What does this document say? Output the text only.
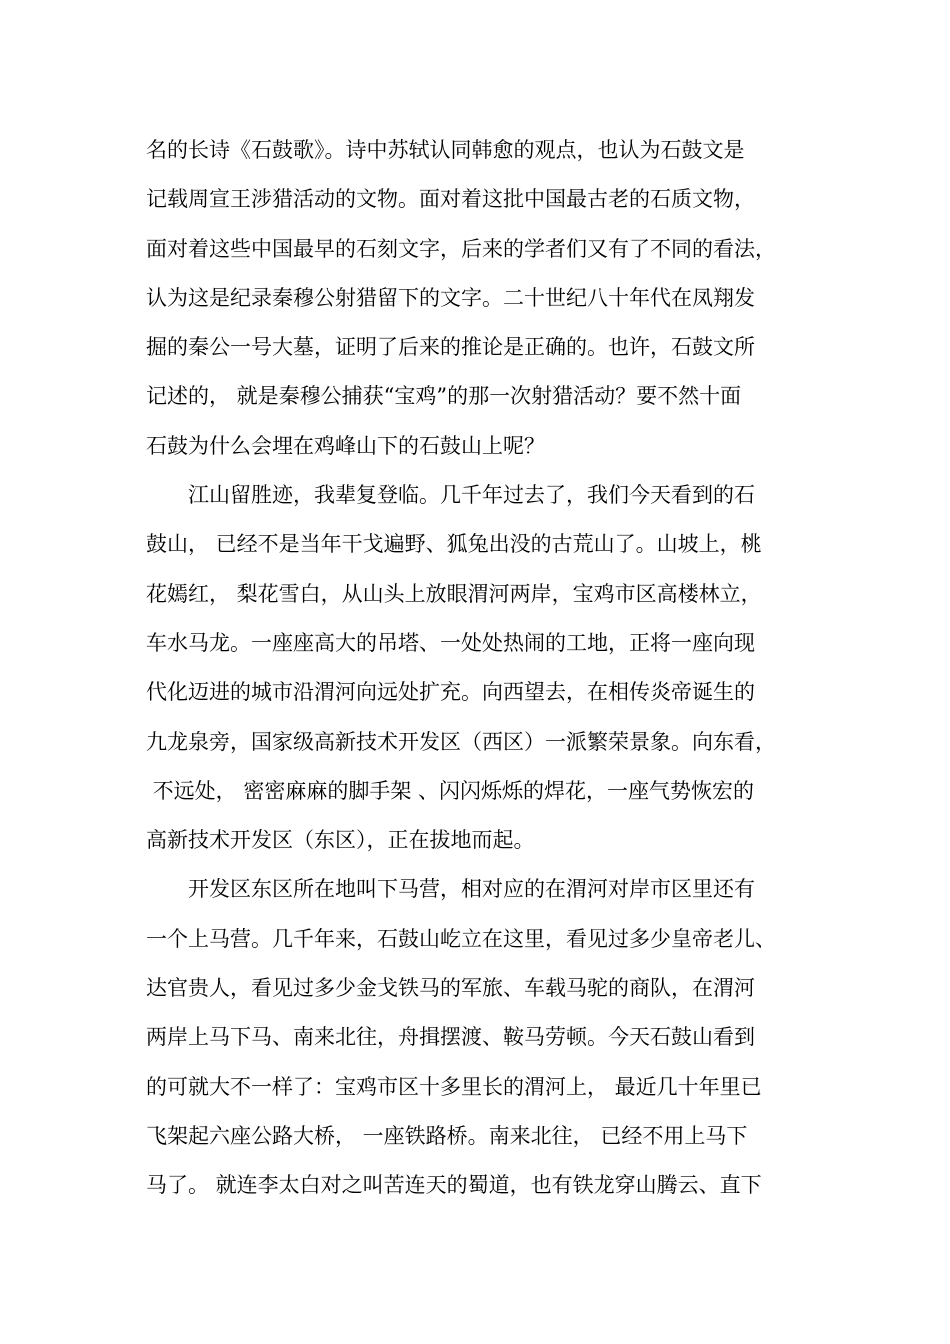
名的长诗《石鼓歌》。诗中苏轼认同韩愈的观点，也认为石鼓文是
记载周宣王涉猎活动的文物。面对着这批中国最古老的石质文物，
面对着这些中国最早的石刻文字，后来的学者们又有了不同的看法，
认为这是纪录秦穆公射猎留下的文字。二十世纪八十年代在凤翔发
掘的秦公一号大墓，证明了后来的推论是正确的。也许，石鼓文所
记述的， 就是秦穆公捕获“宝鸡”的那一次射猎活动？要不然十面
石鼓为什么会埋在鸡峰山下的石鼓山上呢？
　　江山留胜迹，我辈复登临。几千年过去了，我们今天看到的石
鼓山， 已经不是当年干戈遍野、狐兔出没的古荒山了。山坡上，桃
花嫣红， 梨花雪白，从山头上放眼渭河两岸，宝鸡市区高楼林立，
车水马龙。一座座高大的吊塔、一处处热闹的工地，正将一座向现
代化迈进的城市沿渭河向远处扩充。向西望去，在相传炎帝诞生的
九龙泉旁，国家级高新技术开发区（西区）一派繁荣景象。向东看，
不远处， 密密麻麻的脚手架 、闪闪烁烁的焊花，一座气势恢宏的
高新技术开发区（东区），正在拔地而起。
　　开发区东区所在地叫下马营，相对应的在渭河对岸市区里还有
一个上马营。几千年来，石鼓山屹立在这里，看见过多少皇帝老儿、
达官贵人，看见过多少金戈铁马的军旅、车载马驼的商队，在渭河
两岸上马下马、南来北往，舟揖摆渡、鞍马劳顿。今天石鼓山看到
的可就大不一样了：宝鸡市区十多里长的渭河上， 最近几十年里已
飞架起六座公路大桥， 一座铁路桥。南来北往， 已经不用上马下
马了。 就连李太白对之叫苦连天的蜀道，也有铁龙穿山腾云、直下
